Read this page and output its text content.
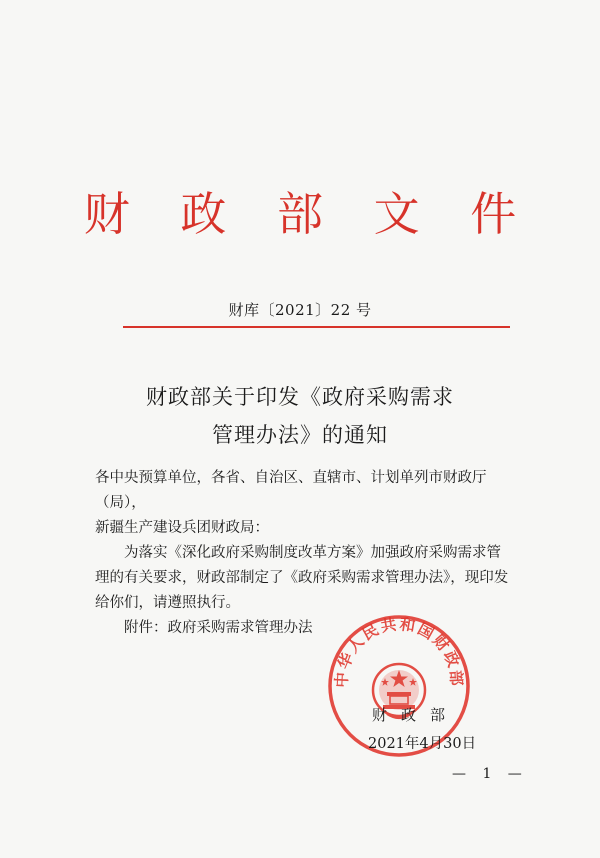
财 政 部 文 件
财库〔2021〕22 号
财政部关于印发《政府采购需求
管理办法》的通知

各中央预算单位，各省、自治区、直辖市、计划单列市财政厅（局），

新疆生产建设兵团财政局：

为落实《深化政府采购制度改革方案》加强政府采购需求管

理的有关要求，财政部制定了《政府采购需求管理办法》，现印发

给你们，请遵照执行。

附件：政府采购需求管理办法

中华人民共和国财政部
财政部
2021年4月30日
— 1 —
